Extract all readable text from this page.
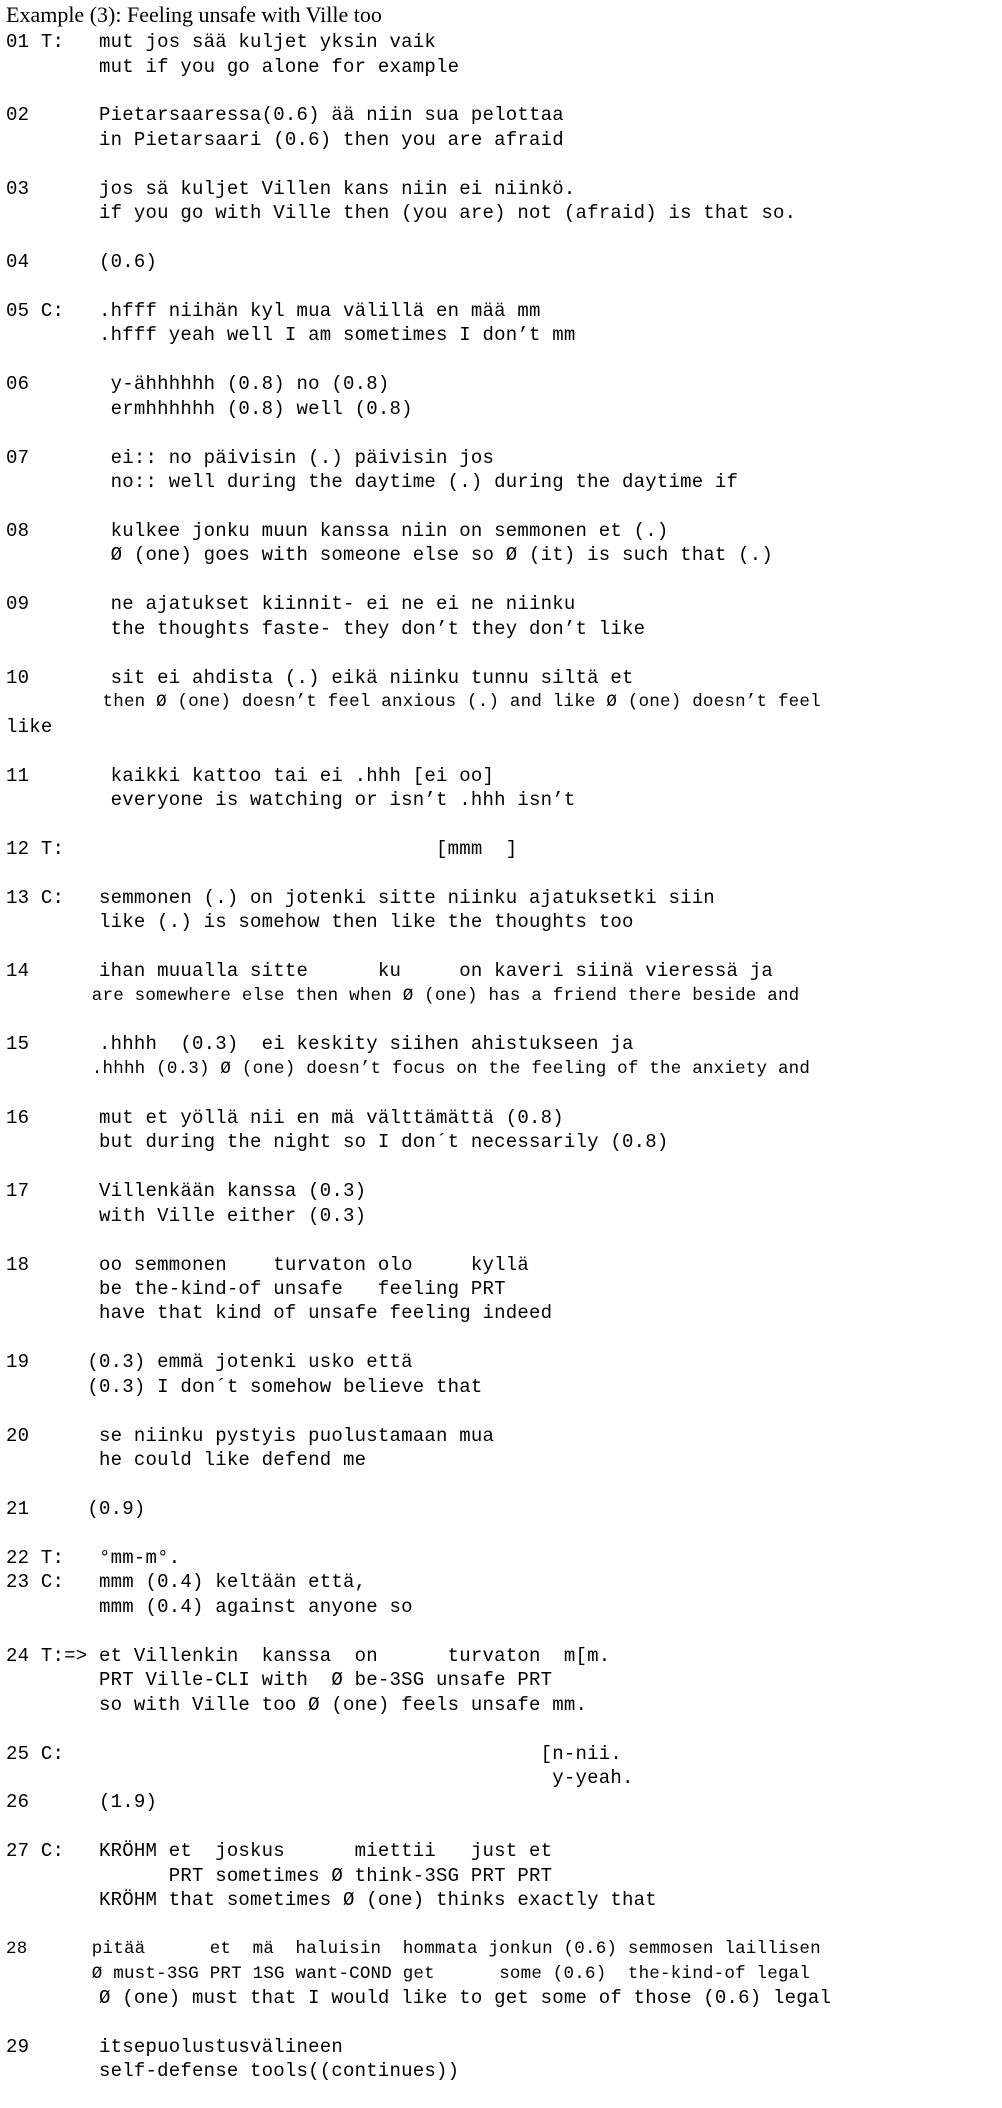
Example (3): Feeling unsafe with Ville too
01 T:   mut jos sää kuljet yksin vaik
mut if you go alone for example
02      Pietarsaaressa(0.6) ää niin sua pelottaa
in Pietarsaari (0.6) then you are afraid
03      jos sä kuljet Villen kans niin ei niinkö.
if you go with Ville then (you are) not (afraid) is that so.
04      (0.6)
05 C:   .hfff niihän kyl mua välillä en mää mm
.hfff yeah well I am sometimes I don’t mm
06       y-ähhhhhh (0.8) no (0.8)
ermhhhhhh (0.8) well (0.8)
07       ei:: no päivisin (.) päivisin jos
no:: well during the daytime (.) during the daytime if
08       kulkee jonku muun kanssa niin on semmonen et (.)
Ø (one) goes with someone else so Ø (it) is such that (.)
09       ne ajatukset kiinnit- ei ne ei ne niinku
the thoughts faste- they don’t they don’t like
10       sit ei ahdista (.) eikä niinku tunnu siltä et
then Ø (one) doesn’t feel anxious (.) and like Ø (one) doesn’t feel
like
11       kaikki kattoo tai ei .hhh [ei oo]
everyone is watching or isn’t .hhh isn’t
12 T:                                [mmm  ]
13 C:   semmonen (.) on jotenki sitte niinku ajatuksetki siin
like (.) is somehow then like the thoughts too
14      ihan muualla sitte      ku     on kaveri siinä vieressä ja
are somewhere else then when Ø (one) has a friend there beside and
15      .hhhh  (0.3)  ei keskity siihen ahistukseen ja
.hhhh (0.3) Ø (one) doesn’t focus on the feeling of the anxiety and
16      mut et yöllä nii en mä välttämättä (0.8)
but during the night so I don´t necessarily (0.8)
17      Villenkään kanssa (0.3)
with Ville either (0.3)
18      oo semmonen    turvaton olo     kyllä
be the-kind-of unsafe   feeling PRT
have that kind of unsafe feeling indeed
19     (0.3) emmä jotenki usko että
(0.3) I don´t somehow believe that
20      se niinku pystyis puolustamaan mua
he could like defend me
21     (0.9)
22 T:   °mm-m°.
23 C:   mmm (0.4) keltään että,
mmm (0.4) against anyone so
24 T:=> et Villenkin  kanssa  on      turvaton  m[m.
PRT Ville-CLI with  Ø be-3SG unsafe PRT
so with Ville too Ø (one) feels unsafe mm.
25 C:                                         [n-nii.
y-yeah.
26      (1.9)
27 C:   KRÖHM et  joskus      miettii   just et
PRT sometimes Ø think-3SG PRT PRT
KRÖHM that sometimes Ø (one) thinks exactly that
28      pitää      et  mä  haluisin  hommata jonkun (0.6) semmosen laillisen
Ø must-3SG PRT 1SG want-COND get      some (0.6)  the-kind-of legal
Ø (one) must that I would like to get some of those (0.6) legal
29      itsepuolustusvälineen
self-defense tools((continues))
